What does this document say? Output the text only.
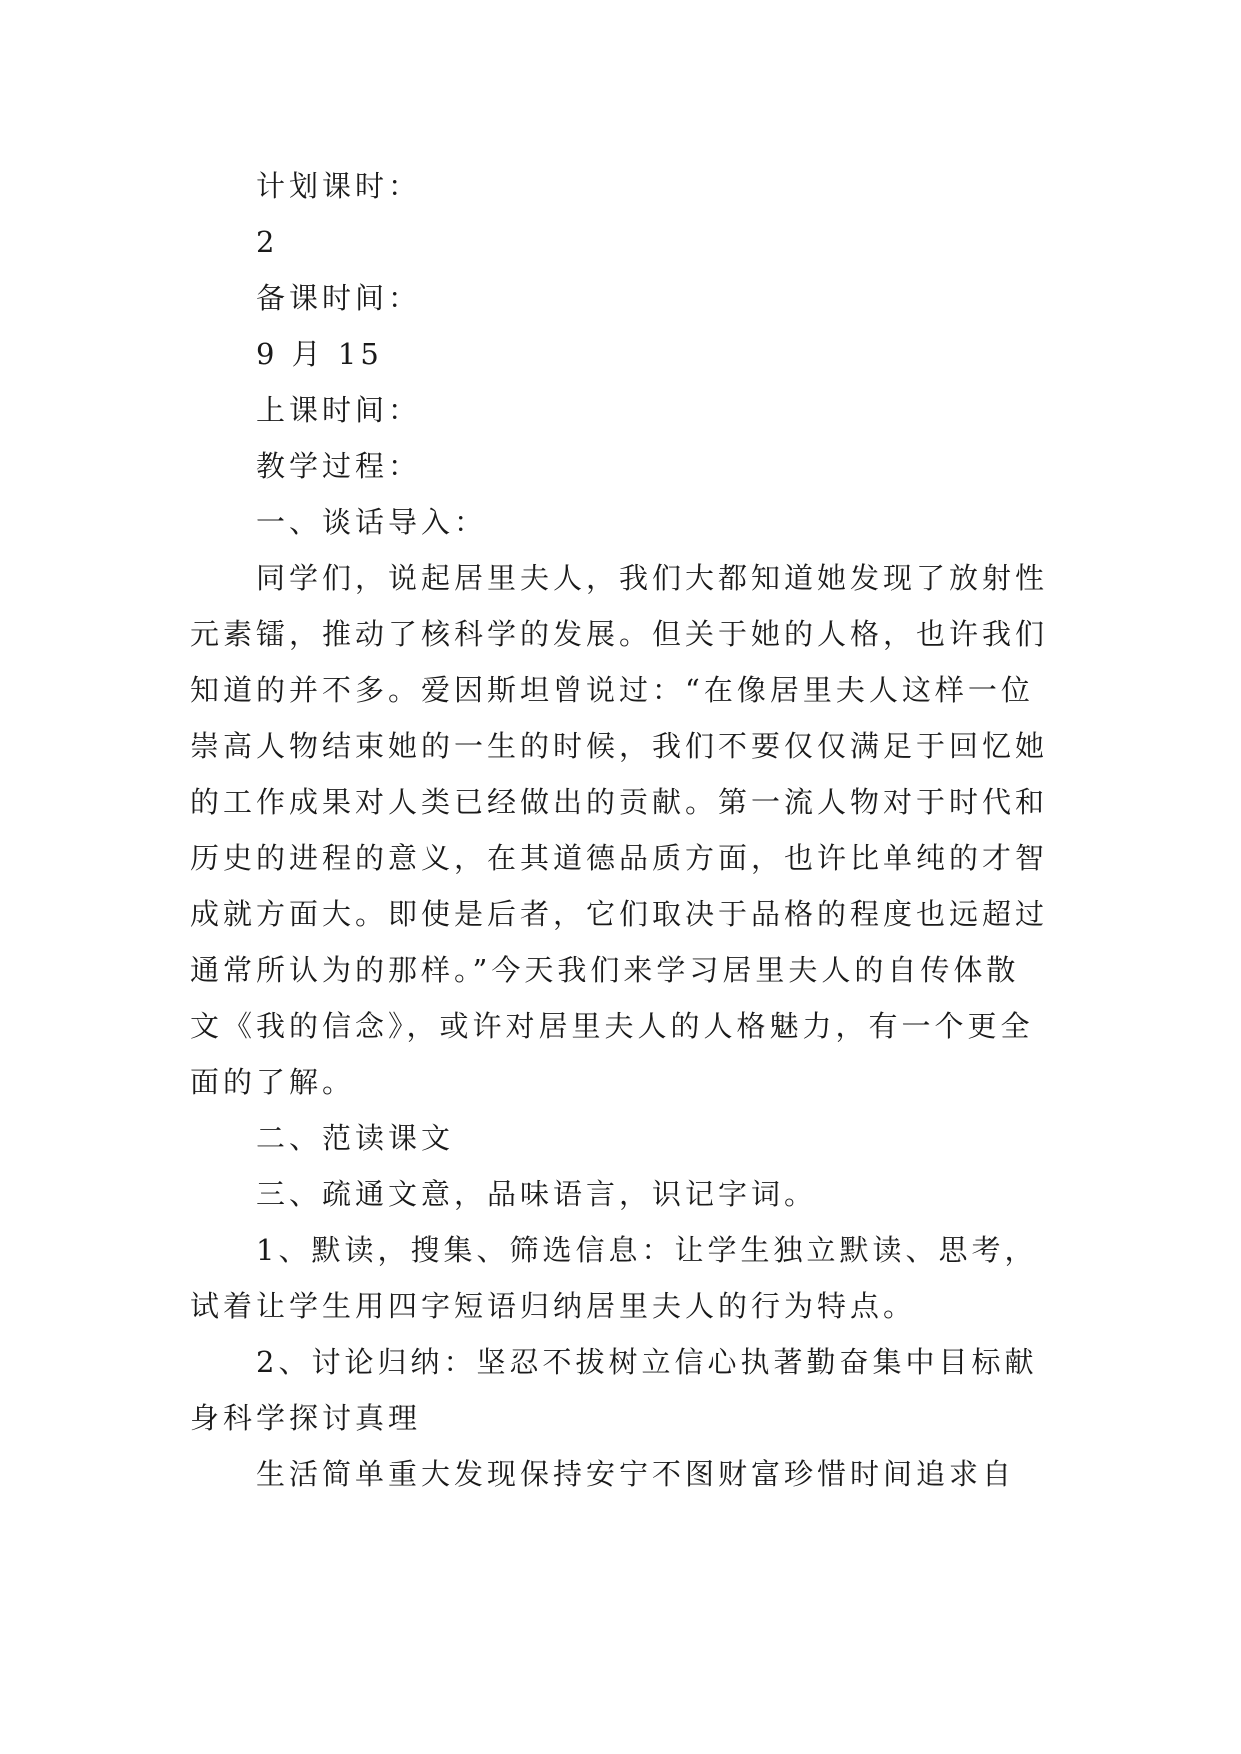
计划课时：
2
备课时间：
9 月 15
上课时间：
教学过程：
一、谈话导入：
同学们，说起居里夫人，我们大都知道她发现了放射性
元素镭，推动了核科学的发展。但关于她的人格，也许我们
知道的并不多。爱因斯坦曾说过：“在像居里夫人这样一位
崇高人物结束她的一生的时候，我们不要仅仅满足于回忆她
的工作成果对人类已经做出的贡献。第一流人物对于时代和
历史的进程的意义，在其道德品质方面，也许比单纯的才智
成就方面大。即使是后者，它们取决于品格的程度也远超过
通常所认为的那样。”今天我们来学习居里夫人的自传体散
文《我的信念》，或许对居里夫人的人格魅力，有一个更全
面的了解。
二、范读课文
三、疏通文意，品味语言，识记字词。
1、默读，搜集、筛选信息：让学生独立默读、思考，
试着让学生用四字短语归纳居里夫人的行为特点。
2、讨论归纳：坚忍不拔树立信心执著勤奋集中目标献
身科学探讨真理
生活简单重大发现保持安宁不图财富珍惜时间追求自
